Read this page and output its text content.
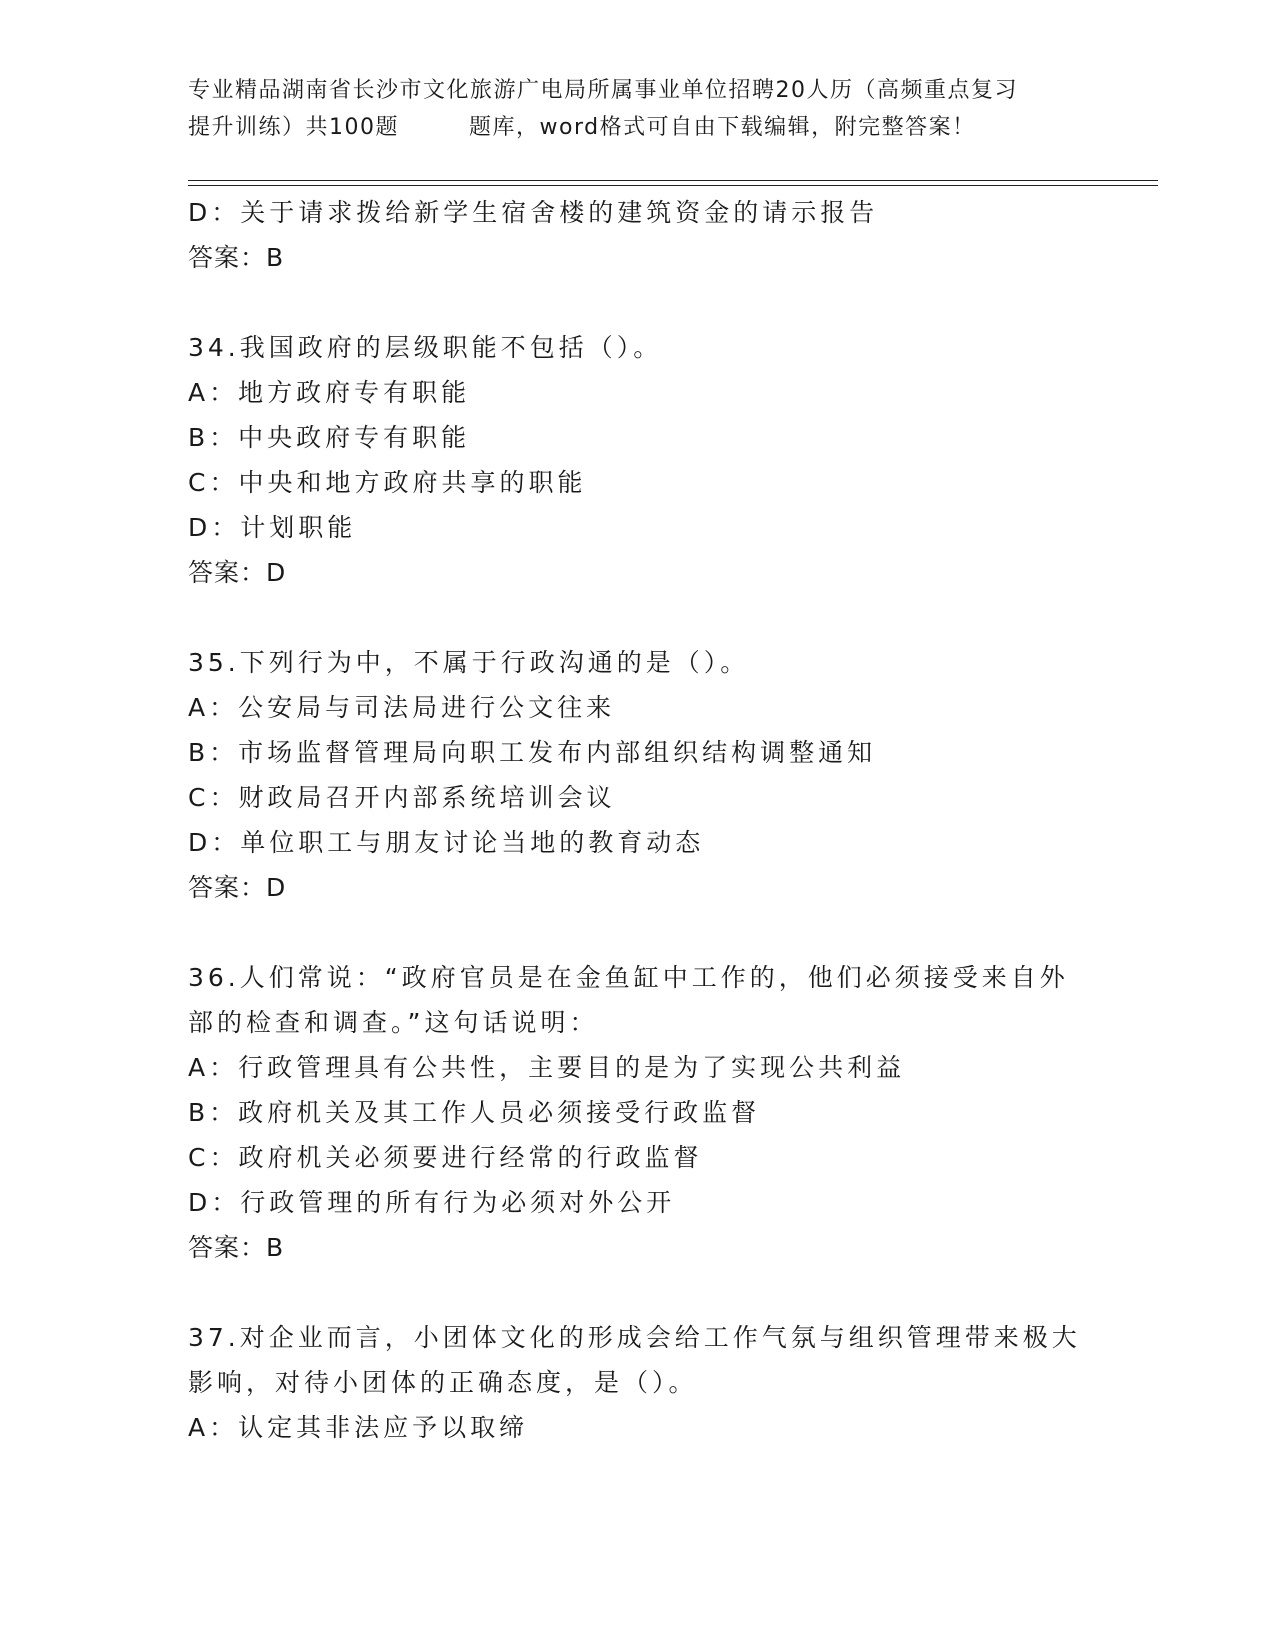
专业精品湖南省长沙市文化旅游广电局所属事业单位招聘20人历（高频重点复习
提升训练）共100题	题库，word格式可自由下载编辑，附完整答案！
D：关于请求拨给新学生宿舍楼的建筑资金的请示报告
答案：B
34.我国政府的层级职能不包括（）。
A：地方政府专有职能
B：中央政府专有职能
C：中央和地方政府共享的职能
D：计划职能
答案：D
35.下列行为中，不属于行政沟通的是（）。
A：公安局与司法局进行公文往来
B：市场监督管理局向职工发布内部组织结构调整通知
C：财政局召开内部系统培训会议
D：单位职工与朋友讨论当地的教育动态
答案：D
36.人们常说：“政府官员是在金鱼缸中工作的，他们必须接受来自外
部的检查和调查。”这句话说明：
A：行政管理具有公共性，主要目的是为了实现公共利益
B：政府机关及其工作人员必须接受行政监督
C：政府机关必须要进行经常的行政监督
D：行政管理的所有行为必须对外公开
答案：B
37.对企业而言，小团体文化的形成会给工作气氛与组织管理带来极大
影响，对待小团体的正确态度，是（）。
A：认定其非法应予以取缔
